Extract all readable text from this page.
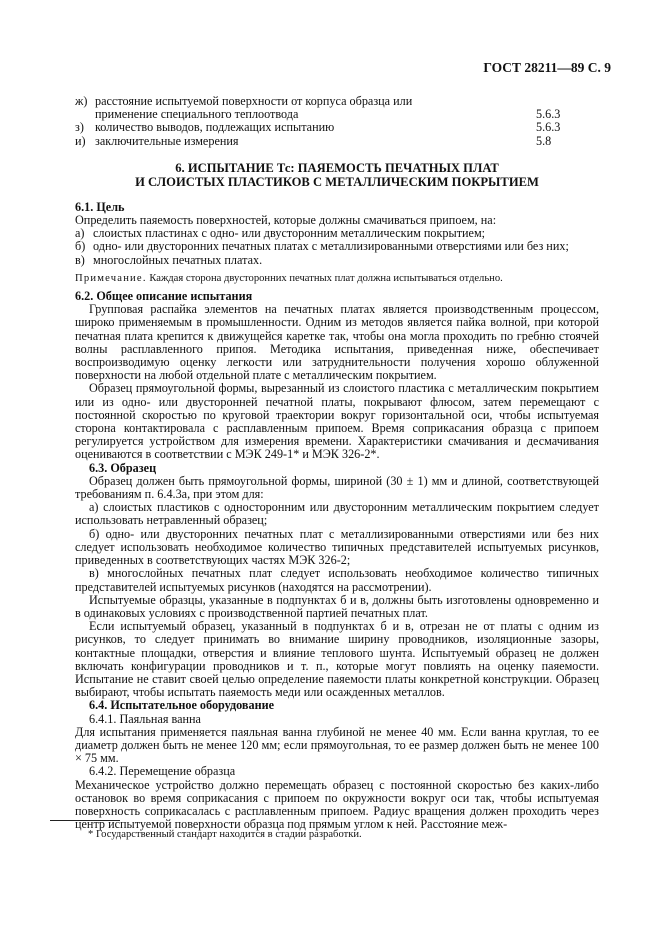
ГОСТ 28211—89 С. 9
ж) расстояние испытуемой поверхности от корпуса образца или
применение специального теплоотвода	5.6.3
з) количество выводов, подлежащих испытанию	5.6.3
и) заключительные измерения	5.8
6. ИСПЫТАНИЕ Тс: ПАЯЕМОСТЬ ПЕЧАТНЫХ ПЛАТ
И СЛОИСТЫХ ПЛАСТИКОВ С МЕТАЛЛИЧЕСКИМ ПОКРЫТИЕМ
6.1. Цель
Определить паяемость поверхностей, которые должны смачиваться припоем, на:
а) слоистых пластинах с одно- или двусторонним металлическим покрытием;
б) одно- или двусторонних печатных платах с металлизированными отверстиями или без них;
в) многослойных печатных платах.
Примечание. Каждая сторона двусторонних печатных плат должна испытываться отдельно.
6.2. Общее описание испытания
Групповая распайка элементов на печатных платах является производственным процессом, широко применяемым в промышленности. Одним из методов является пайка волной, при которой печатная плата крепится к движущейся каретке так, чтобы она могла проходить по гребню стоячей волны расплавленного припоя. Методика испытания, приведенная ниже, обеспечивает воспроизводимую оценку легкости или затруднительности получения хорошо облуженной поверхности на любой отдельной плате с металлическим покрытием.
Образец прямоугольной формы, вырезанный из слоистого пластика с металлическим покрытием или из одно- или двусторонней печатной платы, покрывают флюсом, затем перемещают с постоянной скоростью по круговой траектории вокруг горизонтальной оси, чтобы испытуемая сторона контактировала с расплавленным припоем. Время соприкасания образца с припоем регулируется устройством для измерения времени. Характеристики смачивания и десмачивания оцениваются в соответствии с МЭК 249-1* и МЭК 326-2*.
6.3. Образец
Образец должен быть прямоугольной формы, шириной (30 ± 1) мм и длиной, соответствующей требованиям п. 6.4.3а, при этом для:
а) слоистых пластиков с односторонним или двусторонним металлическим покрытием следует использовать нетравленный образец;
б) одно- или двусторонних печатных плат с металлизированными отверстиями или без них следует использовать необходимое количество типичных представителей испытуемых рисунков, приведенных в соответствующих частях МЭК 326-2;
в) многослойных печатных плат следует использовать необходимое количество типичных представителей испытуемых рисунков (находятся на рассмотрении).
Испытуемые образцы, указанные в подпунктах б и в, должны быть изготовлены одновременно и в одинаковых условиях с производственной партией печатных плат.
Если испытуемый образец, указанный в подпунктах б и в, отрезан не от платы с одним из рисунков, то следует принимать во внимание ширину проводников, изоляционные зазоры, контактные площадки, отверстия и влияние теплового шунта. Испытуемый образец не должен включать конфигурации проводников и т. п., которые могут повлиять на оценку паяемости. Испытание не ставит своей целью определение паяемости платы конкретной конструкции. Образец выбирают, чтобы испытать паяемость меди или осажденных металлов.
6.4. Испытательное оборудование
6.4.1. Паяльная ванна
Для испытания применяется паяльная ванна глубиной не менее 40 мм. Если ванна круглая, то ее диаметр должен быть не менее 120 мм; если прямоугольная, то ее размер должен быть не менее 100 × 75 мм.
6.4.2. Перемещение образца
Механическое устройство должно перемещать образец с постоянной скоростью без каких-либо остановок во время соприкасания с припоем по окружности вокруг оси так, чтобы испытуемая поверхность соприкасалась с расплавленным припоем. Радиус вращения должен проходить через центр испытуемой поверхности образца под прямым углом к ней. Расстояние меж-
* Государственный стандарт находится в стадии разработки.
